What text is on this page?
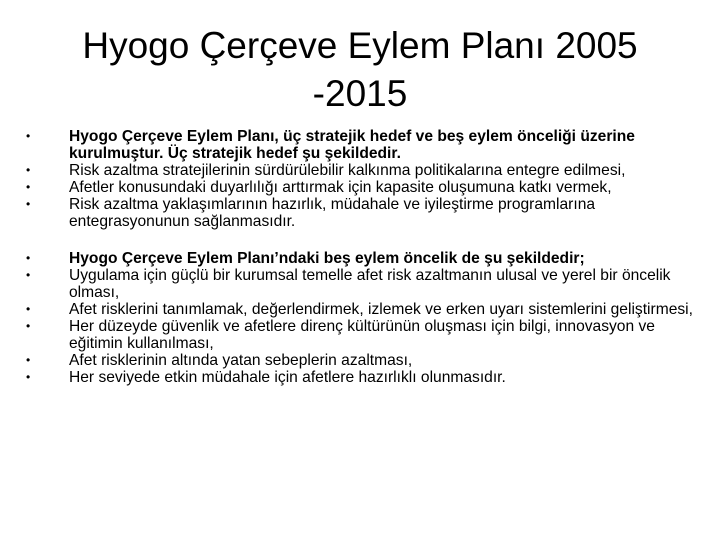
Hyogo Çerçeve Eylem Planı 2005
-2015
• Hyogo Çerçeve Eylem Planı, üç stratejik hedef ve beş eylem önceliği üzerine kurulmuştur. Üç stratejik hedef şu şekildedir.
• Risk azaltma stratejilerinin sürdürülebilir kalkınma politikalarına entegre edilmesi,
• Afetler konusundaki duyarlılığı arttırmak için kapasite oluşumuna katkı vermek,
• Risk azaltma yaklaşımlarının hazırlık, müdahale ve iyileştirme programlarına entegrasyonunun sağlanmasıdır.
• Hyogo Çerçeve Eylem Planı’ndaki beş eylem öncelik de şu şekildedir;
• Uygulama için güçlü bir kurumsal temelle afet risk azaltmanın ulusal ve yerel bir öncelik olması,
• Afet risklerini tanımlamak, değerlendirmek, izlemek ve erken uyarı sistemlerini geliştirmesi,
• Her düzeyde güvenlik ve afetlere direnç kültürünün oluşması için bilgi, innovasyon ve eğitimin kullanılması,
• Afet risklerinin altında yatan sebeplerin azaltması,
• Her seviyede etkin müdahale için afetlere hazırlıklı olunmasıdır.
